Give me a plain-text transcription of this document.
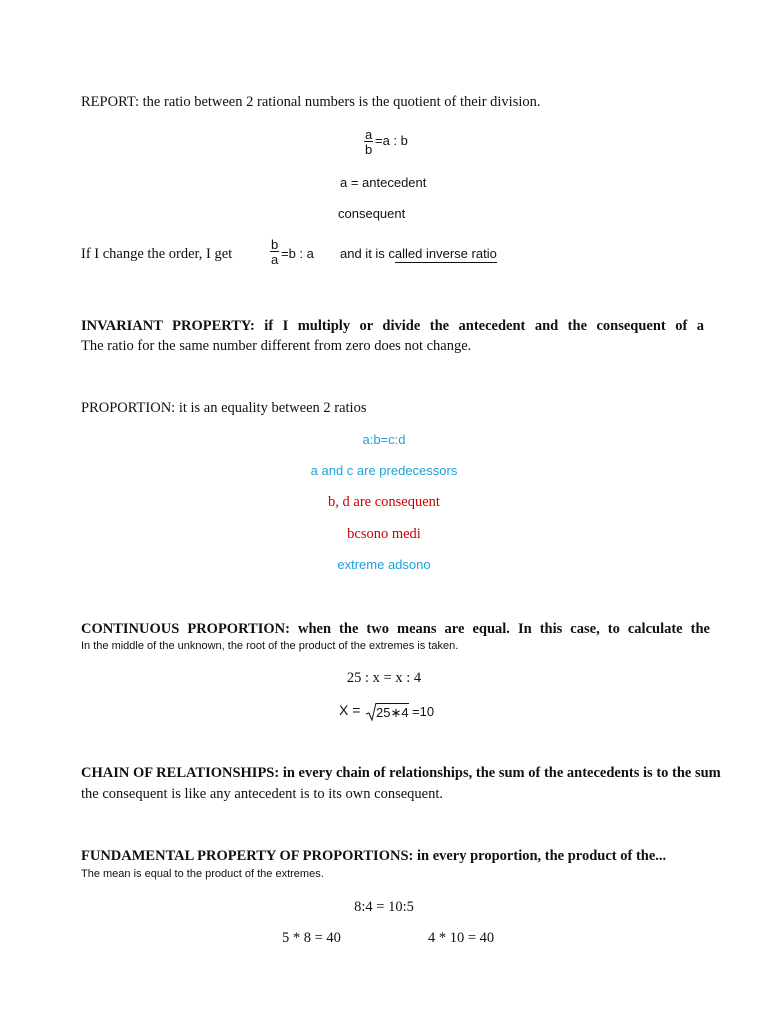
REPORT: the ratio between 2 rational numbers is the quotient of their division.
$\frac{a}{b} =a$ : b
a = antecedent
consequent
If I change the order, I get	$\frac{b}{a} =b$ : a and it is called inverse ratio
INVARIANT PROPERTY: if I multiply or divide the antecedent and the consequent of a
The ratio for the same number different from zero does not change.
PROPORTION: it is an equality between 2 ratios
a:b=c:d
a and c are predecessors
b, d are consequent
bcsono medi
extreme adsono
CONTINUOUS PROPORTION: when the two means are equal. In this case, to calculate the
In the middle of the unknown, the root of the product of the extremes is taken.
25 : x = x : 4
X = 25∗4 =10
CHAIN OF RELATIONSHIPS: in every chain of relationships, the sum of the antecedents is to the sum
the consequent is like any antecedent is to its own consequent.
FUNDAMENTAL PROPERTY OF PROPORTIONS: in every proportion, the product of the...
The mean is equal to the product of the extremes.
8:4 = 10:5
5 * 8 = 40	4 * 10 = 40
